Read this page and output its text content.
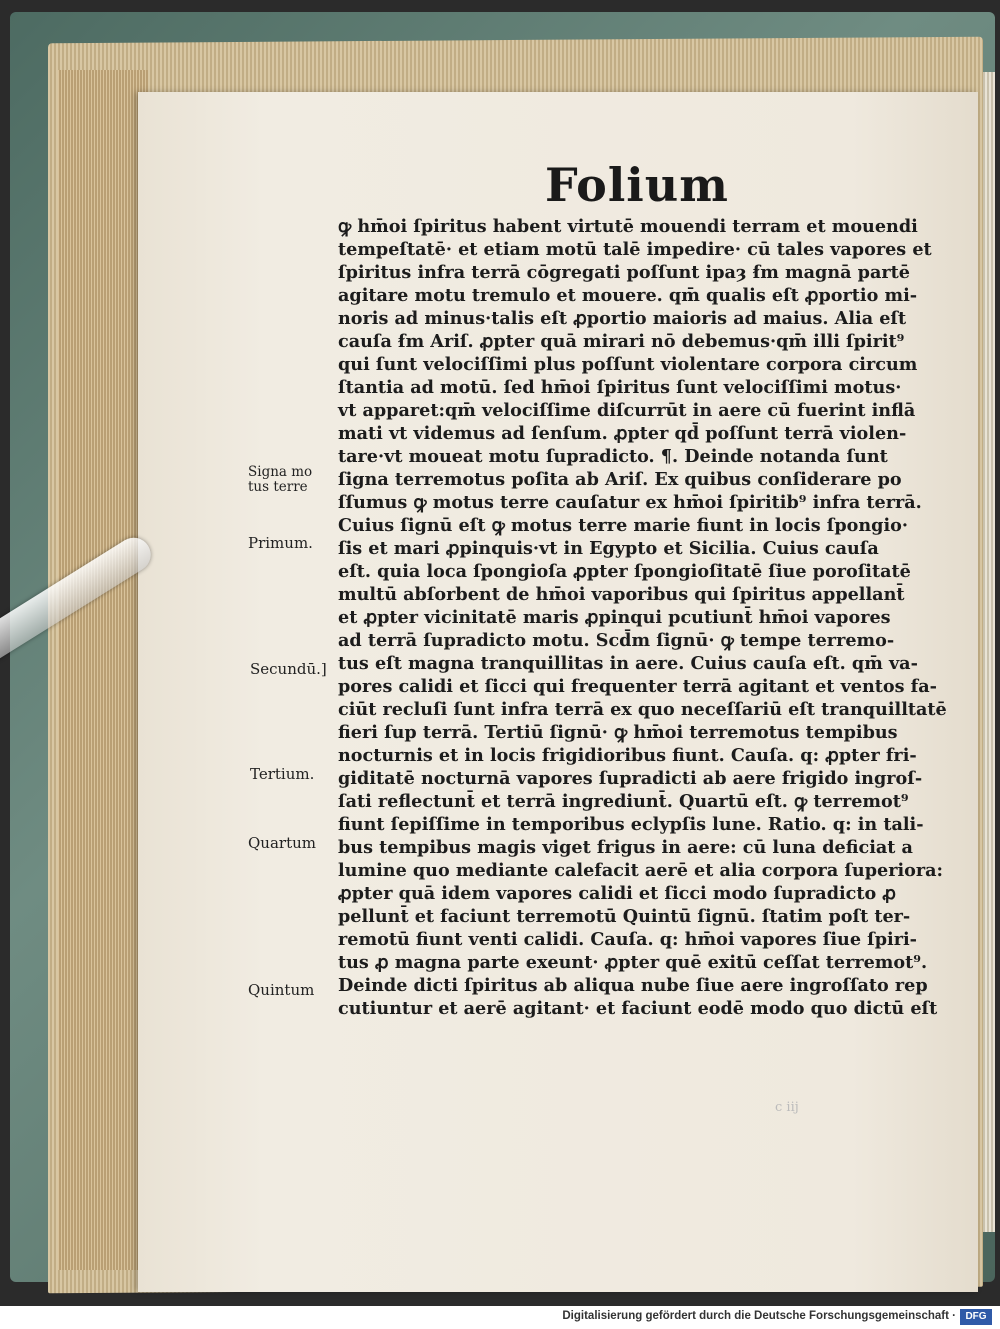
Folium
ꝙ hm̄oi ſpiritus habent virtutē mouendi terram et mouendi
tempeſtatē· et etiam motū talē impedire· cū tales vapores et
ſpiritus infra terrā cōgregati poſſunt ipaȝ ẜm magnā partē
agitare motu tremulo et mouere. qm̄ qualis eſt ꝓportio mi-
noris ad minus·talis eſt ꝓportio maioris ad maius. Alia eſt
cauſa ẜm Ariſ. ꝓpter quā mirari nō debemus·qm̄ illi ſpirit⁹
qui ſunt velociſſimi plus poſſunt violentare corpora circum
ſtantia ad motū. ſed hm̄oi ſpiritus ſunt velociſſimi motus·
vt apparet:qm̄ velociſſime diſcurrūt in aere cū fuerint inflā
mati vt videmus ad ſenſum. ꝓpter qd̄ poſſunt terrā violen-
tare·vt moueat motu ſupradicto. ¶. Deinde notanda ſunt
ſigna terremotus poſita ab Ariſ. Ex quibus conſiderare po
ſſumus ꝙ motus terre cauſatur ex hm̄oi ſpiritib⁹ infra terrā.
Cuius ſignū eſt ꝙ motus terre marie fiunt in locis ſpongio·
ſis et mari ꝓpinquis·vt in Egypto et Sicilia. Cuius cauſa
eſt. quia loca ſpongioſa ꝓpter ſpongioſitatē ſiue poroſitatē
multū abſorbent de hm̄oi vaporibus qui ſpiritus appellant̄
et ꝓpter vicinitatē maris ꝓpinqui pcutiunt̄ hm̄oi vapores
ad terrā ſupradicto motu. Scd̄m ſignū· ꝙ tempe terremo-
tus eſt magna tranquillitas in aere. Cuius cauſa eſt. qm̄ va-
pores calidi et ſicci qui frequenter terrā agitant et ventos fa-
ciūt recluſi ſunt infra terrā ex quo neceſſariū eſt tranquilltatē
fieri ſup terrā. Tertiū ſignū· ꝙ hm̄oi terremotus tempibus
nocturnis et in locis frigidioribus fiunt. Cauſa. q: ꝓpter fri-
giditatē nocturnā vapores ſupradicti ab aere frigido ingroſ-
ſati reflectunt̄ et terrā ingrediunt̄. Quartū eſt. ꝙ terremot⁹
fiunt ſepiſſime in temporibus eclypſis lune. Ratio. q: in tali-
bus tempibus magis viget frigus in aere: cū luna deficiat a
lumine quo mediante calefacit aerē et alia corpora ſuperiora:
ꝓpter quā idem vapores calidi et ſicci modo ſupradicto ꝓ
pellunt̄ et faciunt terremotū Quintū ſignū. ſtatim poſt ter-
remotū fiunt venti calidi. Cauſa. q: hm̄oi vapores ſiue ſpiri-
tus ꝓ magna parte exeunt· ꝓpter quē exitū ceſſat terremot⁹.
Deinde dicti ſpiritus ab aliqua nube ſiue aere ingroſſato rep
cutiuntur et aerē agitant· et faciunt eodē modo quo dictū eſt
Signa mo
tus terre
Primum.
Secundū.]
Tertium.
Quartum
Quintum
c iij
Digitalisierung gefördert durch die Deutsche Forschungsgemeinschaft · DFG
